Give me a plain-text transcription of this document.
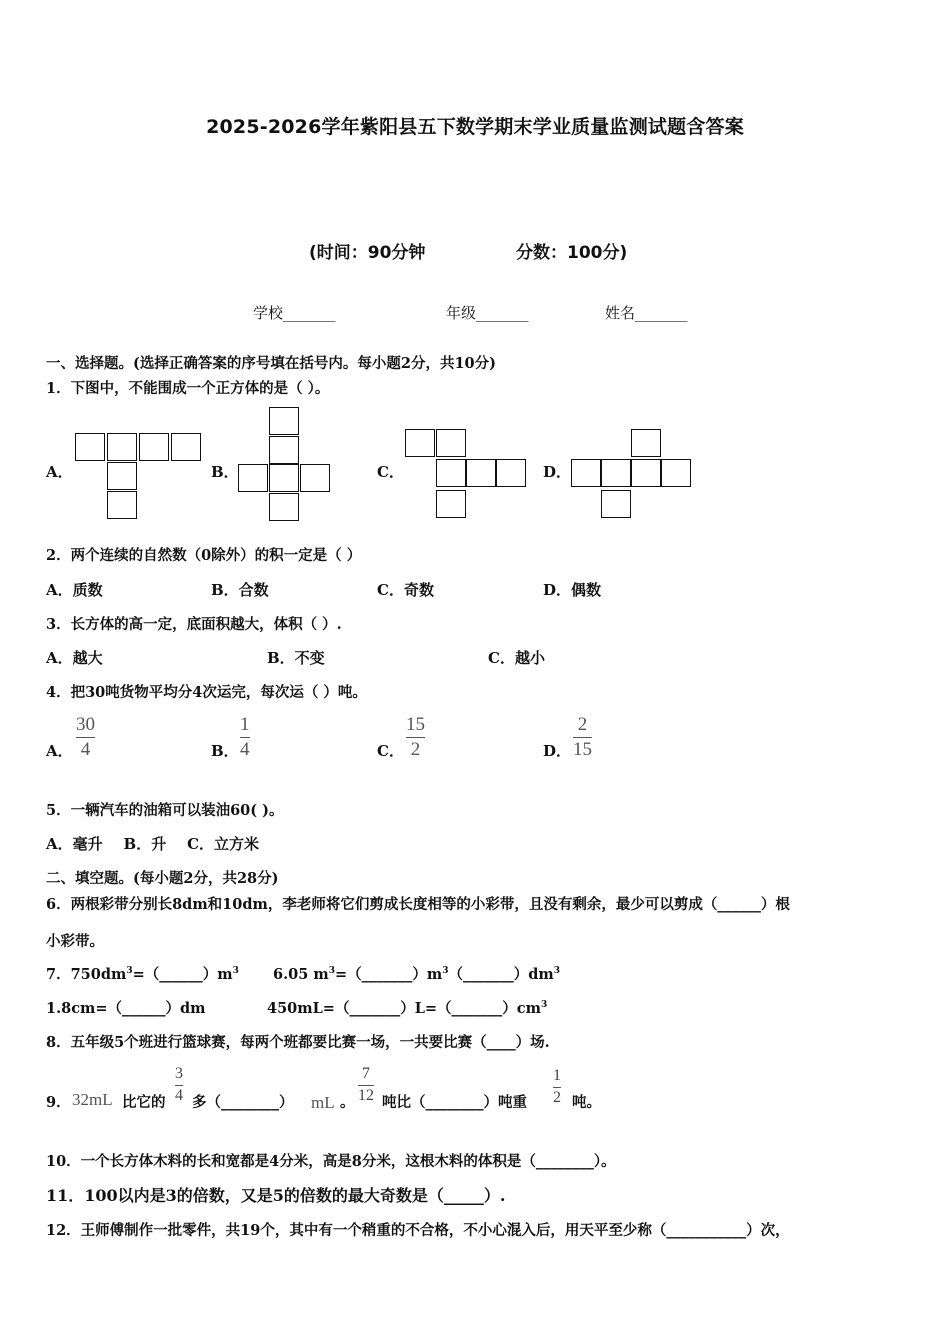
2025-2026学年紫阳县五下数学期末学业质量监测试题含答案
(时间：90分钟	分数：100分)
学校_______	年级_______	姓名_______
一、选择题。(选择正确答案的序号填在括号内。每小题2分，共10分)
1．下图中，不能围成一个正方体的是（ ）。
A．	B．	C．	D．
2．两个连续的自然数（0除外）的积一定是（ ）
A．质数	B．合数	C．奇数	D．偶数
3．长方体的高一定，底面积越大，体积（ ）.
A．越大	B．不变	C．越小
4．把30吨货物平均分4次运完，每次运（ ）吨。
A．
30
4	B．
1
4	C．
15
2	D．
2
15
5．一辆汽车的油箱可以装油60( )。
A．毫升    B．升    C．立方米
二、填空题。(每小题2分，共28分)
6．两根彩带分别长8dm和10dm，李老师将它们剪成长度相等的小彩带，且没有剩余，最少可以剪成（______）根
小彩带。
7．$750dm^3=(\_\_\_\_\_\_)m^3$ 6.05 $m^3=(\_\_\_\_\_\_\_)m^3(\_\_\_\_\_\_\_)dm^3$
1.8cm=（______）dm	$450mL=(\_\_\_\_\_\_\_)L=(\_\_\_\_\_\_\_)cm^3$
8．五年级5个班进行篮球赛，每两个班都要比赛一场，一共要比赛（____）场.
9． 32mL 比它的
3
4 多（________） mL 。
7
12 吨比（________）吨重
1
2 吨。
10．一个长方体木料的长和宽都是4分米，高是8分米，这根木料的体积是（________）。
11．100以内是3的倍数，又是5的倍数的最大奇数是（_____）.
12．王师傅制作一批零件，共19个，其中有一个稍重的不合格，不小心混入后，用天平至少称（___________）次，
